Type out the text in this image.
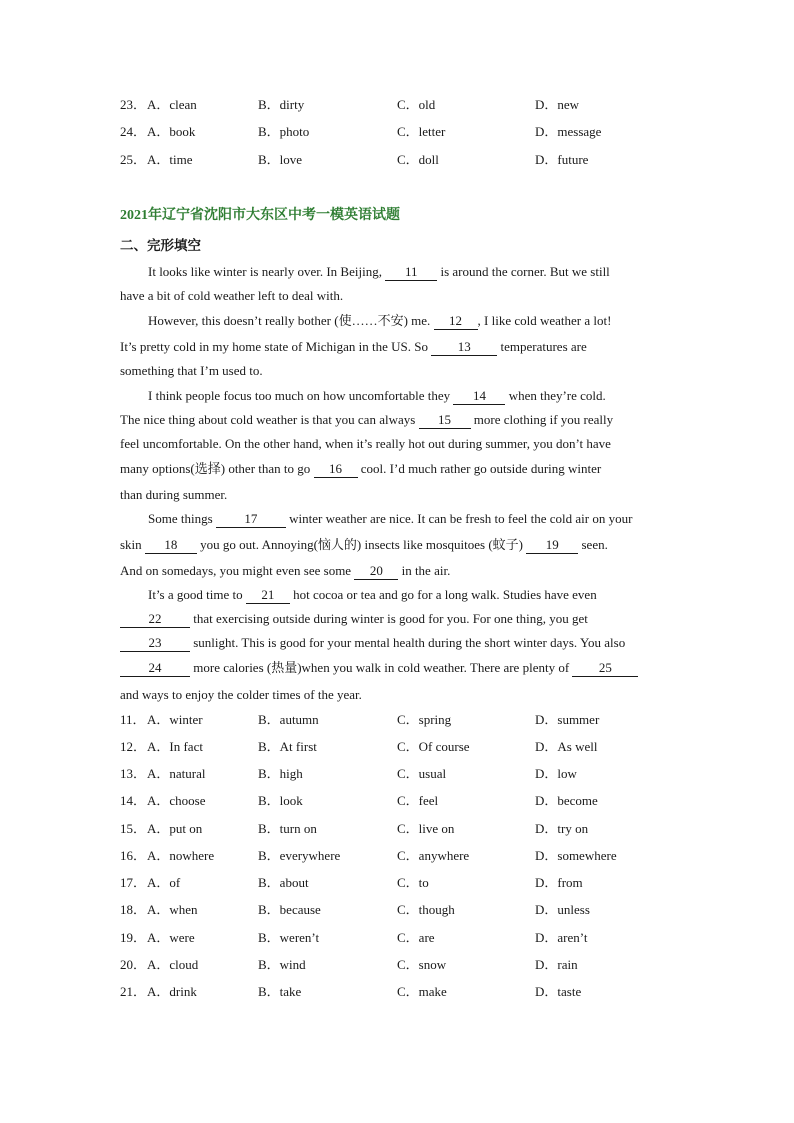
23． A．clean	B．dirty	C．old	D．new
24． A．book	B．photo	C．letter	D．message
25． A．time	B．love	C．doll	D．future
2021年辽宁省沈阳市大东区中考一模英语试题
二、完形填空
It looks like winter is nearly over. In Beijing, 11 is around the corner. But we still
have a bit of cold weather left to deal with.
However, this doesn’t really bother (使……不安) me. 12 , I like cold weather a lot!
It’s pretty cold in my home state of Michigan in the US. So 13 temperatures are
something that I’m used to.
I think people focus too much on how uncomfortable they 14 when they’re cold.
The nice thing about cold weather is that you can always 15 more clothing if you really
feel uncomfortable. On the other hand, when it’s really hot out during summer, you don’t have
many options(选择) other than to go 16 cool. I’d much rather go outside during winter
than during summer.
Some things 17 winter weather are nice. It can be fresh to feel the cold air on your
skin 18 you go out. Annoying(恼人的) insects like mosquitoes (蚊子) 19 seen.
And on somedays, you might even see some 20 in the air.
It’s a good time to 21 hot cocoa or tea and go for a long walk. Studies have even
22 that exercising outside during winter is good for you. For one thing, you get
23 sunlight. This is good for your mental health during the short winter days. You also
24 more calories (热量)when you walk in cold weather. There are plenty of 25
and ways to enjoy the colder times of the year.
11． A．winter	B．autumn	C．spring	D．summer
12． A．In fact	B．At first	C．Of course	D．As well
13． A．natural	B．high	C．usual	D．low
14． A．choose	B．look	C．feel	D．become
15． A．put on	B．turn on	C．live on	D．try on
16． A．nowhere	B．everywhere	C．anywhere	D．somewhere
17． A．of	B．about	C．to	D．from
18． A．when	B．because	C．though	D．unless
19． A．were	B．weren’t	C．are	D．aren’t
20． A．cloud	B．wind	C．snow	D．rain
21． A．drink	B．take	C．make	D．taste
